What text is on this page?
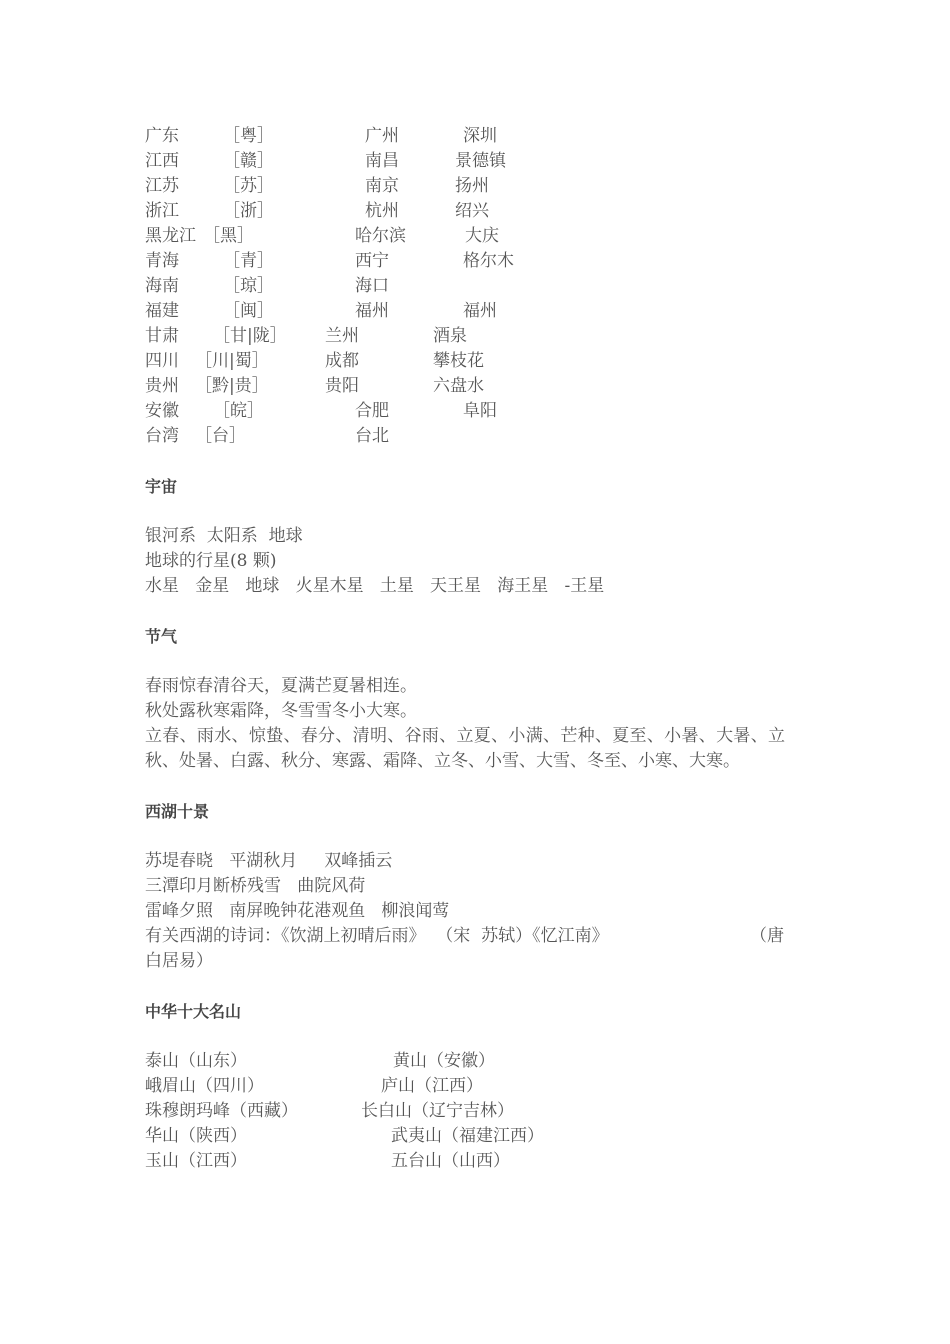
广东	［粤］	广州	深圳
江西	［赣］	南昌	景德镇
江苏	［苏］	南京	扬州
浙江	［浙］	杭州	绍兴
黑龙江 ［黑］	哈尔滨	大庆
青海	［青］	西宁	格尔木
海南	［琼］	海口
福建	［闽］	福州	福州
甘肃 ［甘|陇］ 兰州	酒泉
四川 ［川|蜀］	成都	攀枝花
贵州 ［黔|贵］	贵阳	六盘水
安徽 ［皖］	合肥	阜阳
台湾 ［台］	台北
宇宙
银河系  太阳系  地球
地球的行星(8 颗)
水星   金星   地球   火星木星   土星   天王星   海王星   -王星
节气
春雨惊春清谷天，夏满芒夏暑相连。
秋处露秋寒霜降，冬雪雪冬小大寒。
立春、雨水、惊蛰、春分、清明、谷雨、立夏、小满、芒种、夏至、小暑、大暑、立秋、处暑、白露、秋分、寒露、霜降、立冬、小雪、大雪、冬至、小寒、大寒。
西湖十景
苏堤春晓   平湖秋月     双峰插云
三潭印月断桥残雪   曲院风荷
雷峰夕照   南屏晚钟花港观鱼   柳浪闻莺
有关西湖的诗词：《饮湖上初晴后雨》  （宋  苏轼）《忆江南》	（唐
白居易）
中华十大名山
泰山（山东）	黄山（安徽）
峨眉山（四川）	庐山（江西）
珠穆朗玛峰（西藏）	长白山（辽宁吉林）
华山（陕西）	武夷山（福建江西）
玉山（江西）	五台山（山西）
